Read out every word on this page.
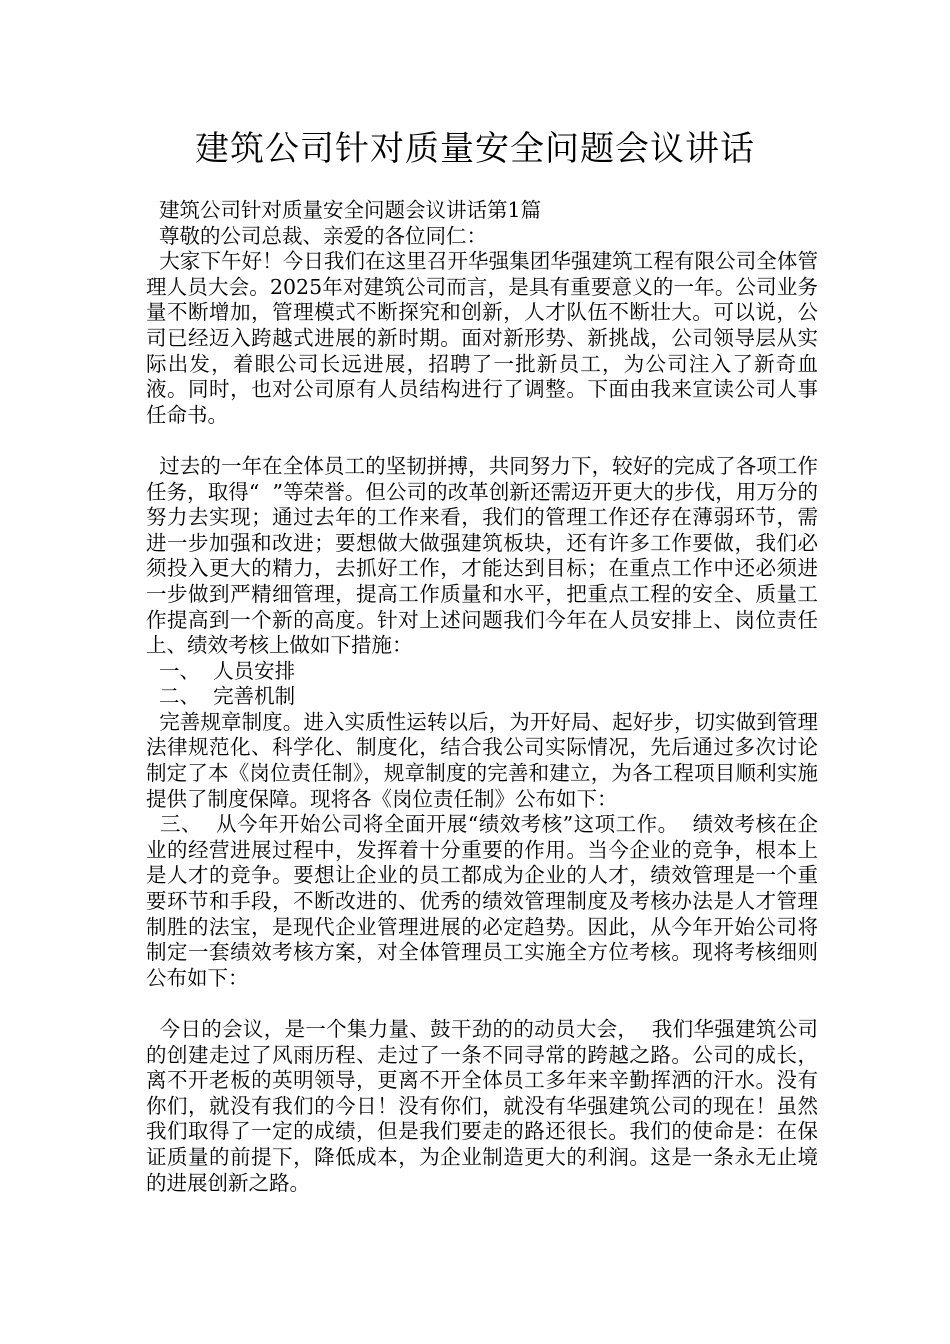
建筑公司针对质量安全问题会议讲话

建筑公司针对质量安全问题会议讲话第1篇

尊敬的公司总裁、亲爱的各位同仁：

大家下午好！今日我们在这里召开华强集团华强建筑工程有限公司全体管理人员大会。2025年对建筑公司而言，是具有重要意义的一年。公司业务量不断增加，管理模式不断探究和创新，人才队伍不断壮大。可以说，公司已经迈入跨越式进展的新时期。面对新形势、新挑战，公司领导层从实际出发，着眼公司长远进展，招聘了一批新员工，为公司注入了新奇血液。同时，也对公司原有人员结构进行了调整。下面由我来宣读公司人事任命书。

过去的一年在全体员工的坚韧拼搏，共同努力下，较好的完成了各项工作任务，取得“  ”等荣誉。但公司的改革创新还需迈开更大的步伐，用万分的努力去实现；通过去年的工作来看，我们的管理工作还存在薄弱环节，需进一步加强和改进；要想做大做强建筑板块，还有许多工作要做，我们必须投入更大的精力，去抓好工作，才能达到目标；在重点工作中还必须进一步做到严精细管理，提高工作质量和水平，把重点工程的安全、质量工作提高到一个新的高度。针对上述问题我们今年在人员安排上、岗位责任上、绩效考核上做如下措施：

一、  人员安排

二、  完善机制

完善规章制度。进入实质性运转以后，为开好局、起好步，切实做到管理法律规范化、科学化、制度化，结合我公司实际情况，先后通过多次讨论制定了本《岗位责任制》，规章制度的完善和建立，为各工程项目顺利实施提供了制度保障。现将各《岗位责任制》公布如下：

三、  从今年开始公司将全面开展“绩效考核”这项工作。  绩效考核在企业的经营进展过程中，发挥着十分重要的作用。当今企业的竞争，根本上是人才的竞争。要想让企业的员工都成为企业的人才，绩效管理是一个重要环节和手段，不断改进的、优秀的绩效管理制度及考核办法是人才管理制胜的法宝，是现代企业管理进展的必定趋势。因此，从今年开始公司将制定一套绩效考核方案，对全体管理员工实施全方位考核。现将考核细则公布如下：

今日的会议，是一个集力量、鼓干劲的的动员大会，  我们华强建筑公司的创建走过了风雨历程、走过了一条不同寻常的跨越之路。公司的成长，离不开老板的英明领导，更离不开全体员工多年来辛勤挥洒的汗水。没有你们，就没有我们的今日！没有你们，就没有华强建筑公司的现在！虽然我们取得了一定的成绩，但是我们要走的路还很长。我们的使命是：在保证质量的前提下，降低成本，为企业制造更大的利润。这是一条永无止境的进展创新之路。
